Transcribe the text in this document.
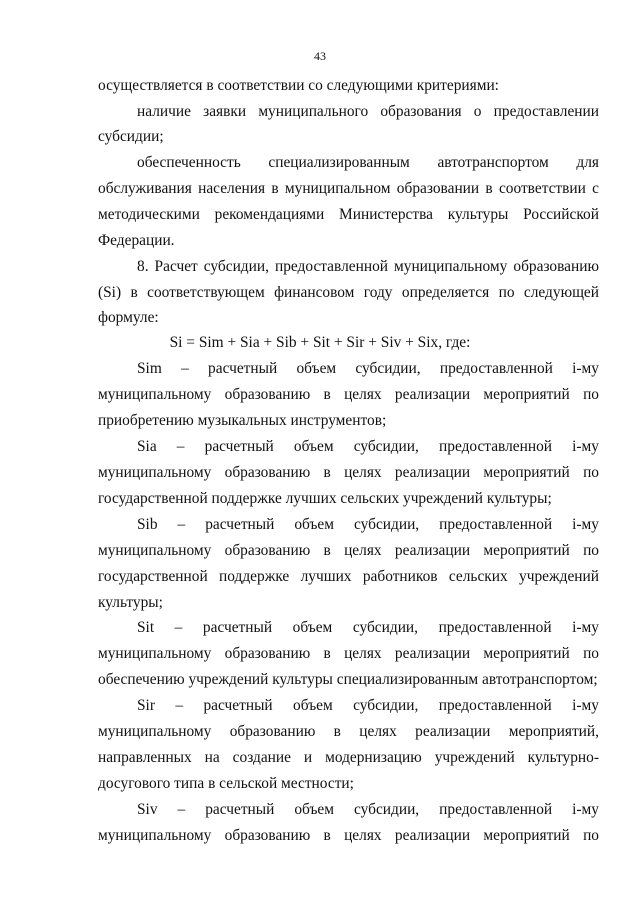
43
осуществляется в соответствии со следующими критериями:
наличие заявки муниципального образования о предоставлении
субсидии;
обеспеченность специализированным автотранспортом для
обслуживания населения в муниципальном образовании в соответствии с
методическими рекомендациями Министерства культуры Российской
Федерации.
8. Расчет субсидии, предоставленной муниципальному образованию
(Si) в соответствующем финансовом году определяется по следующей
формуле:
Si = Sim + Sia + Sib + Sit + Sir + Siv + Six, где:
Sim – расчетный объем субсидии, предоставленной i-му
муниципальному образованию в целях реализации мероприятий по
приобретению музыкальных инструментов;
Sia – расчетный объем субсидии, предоставленной i-му
муниципальному образованию в целях реализации мероприятий по
государственной поддержке лучших сельских учреждений культуры;
Sib – расчетный объем субсидии, предоставленной i-му
муниципальному образованию в целях реализации мероприятий по
государственной поддержке лучших работников сельских учреждений
культуры;
Sit – расчетный объем субсидии, предоставленной i-му
муниципальному образованию в целях реализации мероприятий по
обеспечению учреждений культуры специализированным автотранспортом;
Sir – расчетный объем субсидии, предоставленной i-му
муниципальному образованию в целях реализации мероприятий,
направленных на создание и модернизацию учреждений культурно-
досугового типа в сельской местности;
Siv – расчетный объем субсидии, предоставленной i-му
муниципальному образованию в целях реализации мероприятий по
